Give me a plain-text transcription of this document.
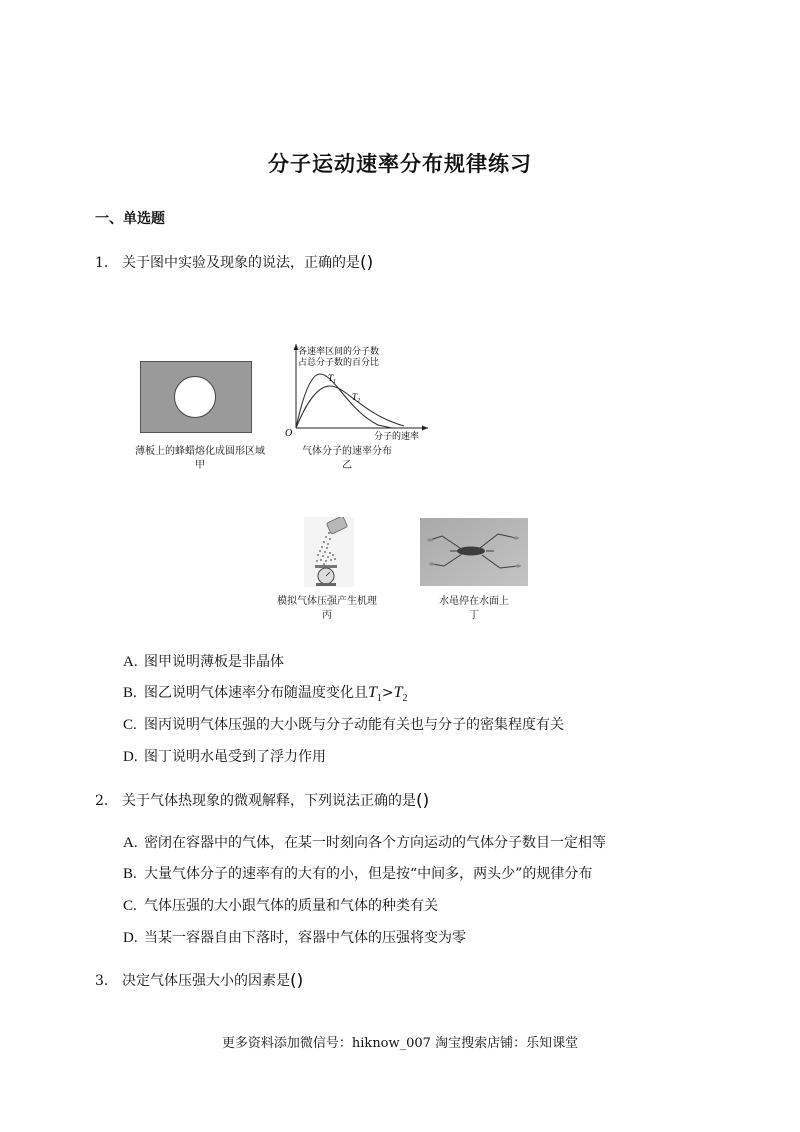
分子运动速率分布规律练习
一、单选题
1. 关于图中实验及现象的说法，正确的是()
薄板上的蜂蜡熔化成圆形区域
甲
各速率区间的分子数
占总分子数的百分比
$T_1$
$T_2$
O	分子的速率
气体分子的速率分布
乙
模拟气体压强产生机理
丙
水黾停在水面上
丁
A. 图甲说明薄板是非晶体
B. 图乙说明气体速率分布随温度变化且$T_1>T_2$
C. 图丙说明气体压强的大小既与分子动能有关也与分子的密集程度有关
D. 图丁说明水黾受到了浮力作用
2. 关于气体热现象的微观解释，下列说法正确的是()
A. 密闭在容器中的气体，在某一时刻向各个方向运动的气体分子数目一定相等
B. 大量气体分子的速率有的大有的小，但是按“中间多，两头少”的规律分布
C. 气体压强的大小跟气体的质量和气体的种类有关
D. 当某一容器自由下落时，容器中气体的压强将变为零
3. 决定气体压强大小的因素是()
更多资料添加微信号：hiknow_007 淘宝搜索店铺：乐知课堂
